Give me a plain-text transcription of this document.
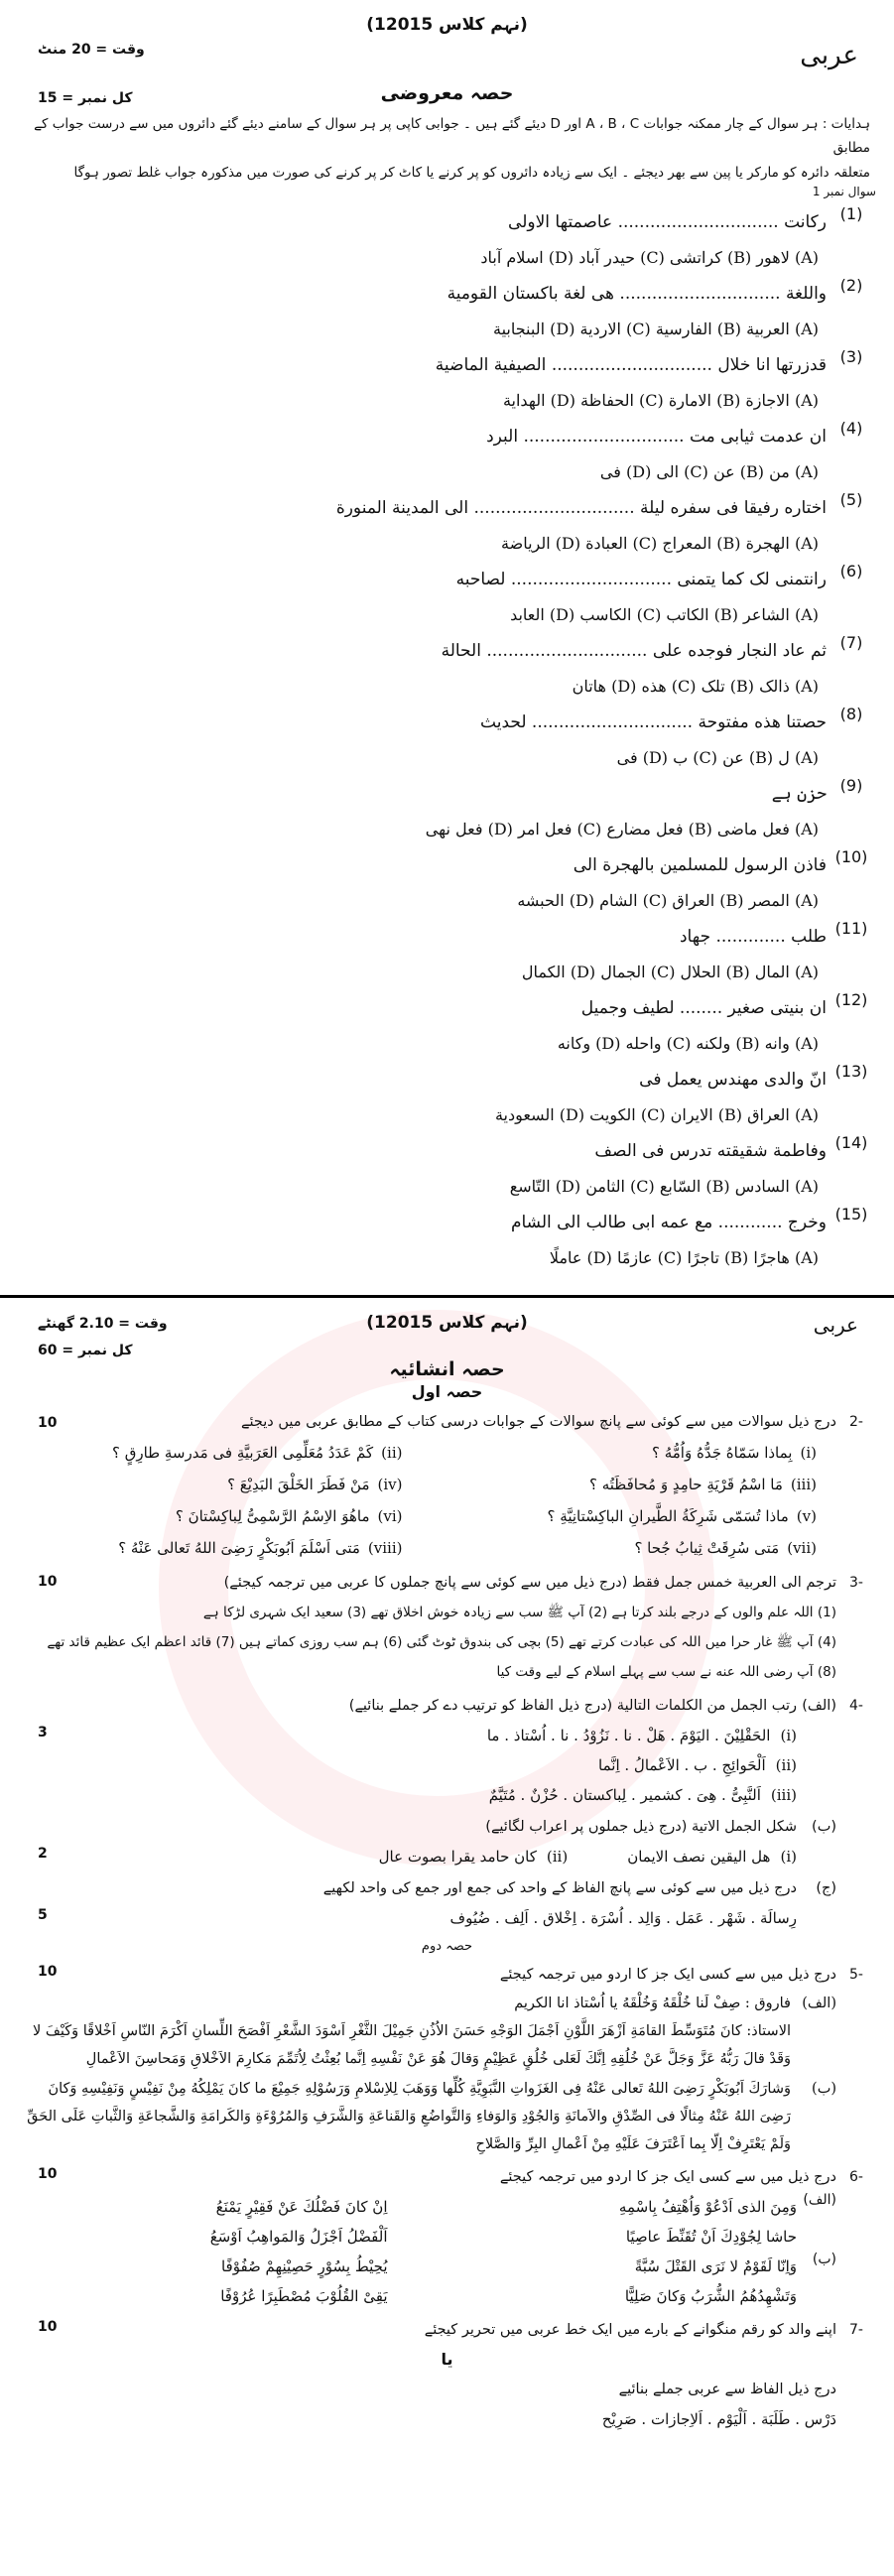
(نہم کلاس 12015)
عربی
وقت = 20 منٹ
حصہ معروضی
کل نمبر = 15
ہدایات : ہر سوال کے چار ممکنہ جوابات A ، B ، C اور D دیئے گئے ہیں ۔ جوابی کاپی پر ہر سوال کے سامنے دیئے گئے دائروں میں سے درست جواب کے مطابق
متعلقہ دائرہ کو مارکر یا پین سے بھر دیجئے ۔ ایک سے زیادہ دائروں کو پر کرنے یا کاٹ کر پر کرنے کی صورت میں مذکورہ جواب غلط تصور ہوگا
سوال نمبر 1
(1)
رکانت .............................. عاصمتها الاولى
(A) لاهور (B) کراتشی (C) حیدر آباد (D) اسلام آباد
(2)
واللغة .............................. هی لغة باکستان القومیة
(A) العربیة (B) الفارسیة (C) الاردیة (D) البنجابیة
(3)
قدزرتها انا خلال .............................. الصیفیة الماضیة
(A) الاجازة (B) الامارة (C) الحفاظة (D) الهدایة
(4)
ان عدمت ثیابی مت .............................. البرد
(A) من (B) عن (C) الی (D) فی
(5)
اختاره رفیقا فی سفره لیلة .............................. الی المدینة المنورة
(A) الهجرة (B) المعراج (C) العبادة (D) الریاضة
(6)
رانتمنی لک کما یتمنی .............................. لصاحبه
(A) الشاعر (B) الکاتب (C) الکاسب (D) العابد
(7)
ثم عاد النجار فوجده علی .............................. الحالة
(A) ذالک (B) تلک (C) هذه (D) هاتان
(8)
حصتنا هذه مفتوحة .............................. لحدیث
(A) ل (B) عن (C) ب (D) فی
(9)
حزن ہے
(A) فعل ماضی (B) فعل مضارع (C) فعل امر (D) فعل نهی
(10)
فاذن الرسول للمسلمین بالهجرة الی
(A) المصر (B) العراق (C) الشام (D) الحبشه
(11)
طلب ............. جهاد
(A) المال (B) الحلال (C) الجمال (D) الکمال
(12)
ان بنیتی صغیر ........ لطیف وجمیل
(A) وانه (B) ولکنه (C) واحله (D) وکانه
(13)
انّ والدی مهندس یعمل فی
(A) العراق (B) الایران (C) الکویت (D) السعودیة
(14)
وفاطمة شقیقته تدرس فی الصف
(A) السادس (B) السّابع (C) الثامن (D) التّاسع
(15)
وخرج ............ مع عمه ابی طالب الی الشام
(A) هاجرًا (B) تاجرًا (C) عازمًا (D) عاملًا
(نہم کلاس 12015)	عربی
وقت = 2.10 گھنٹے
کل نمبر = 60
حصہ انشائیہ
حصہ اول
10	-2
درج ذیل سوالات میں سے کوئی سے پانچ سوالات کے جوابات درسی کتاب کے مطابق عربی میں دیجئے
(i)بِماذا سَمّاهُ جَدُّهُ وَاُمُّهُ ؟
(ii)كَمْ عَدَدُ مُعَلِّمِی العَرَبیَّةِ فی مَدرسةِ طارِقٍ ؟
(iii)مَا اسْمُ قَرْیَةِ حامِدٍ وَ مُحافَظَتُه ؟
(iv)مَنْ فَطَرَ الخَلْقَ البَدِیْعَ ؟
(v)ماذا تُسَمّی شَرِكَةُ الطَّیرانِ الباكِسْتانِیَّةِ ؟
(vi)ماهُوَ الاِسْمُ الرَّسْمِیُّ لِباكِسْتانَ ؟
(vii)مَتی سُرِقَتْ ثِیابُ جُحا ؟
(viii)مَتی اَسْلَمَ اَبُوبَكْرٍ رَضِیَ اللهُ تَعالی عَنْهُ ؟
10	-3
ترجم الی العربیة خمس جمل فقط (درج ذیل میں سے کوئی سے پانچ جملوں کا عربی میں ترجمہ کیجئے)
(1) اللہ علم والوں کے درجے بلند کرتا ہے (2) آپ ﷺ سب سے زیادہ خوش اخلاق تھے (3) سعید ایک شہری لڑکا ہے
(4) آپ ﷺ غار حرا میں اللہ کی عبادت کرتے تھے (5) بچی کی بندوق ٹوٹ گئی (6) ہم سب روزی کماتے ہیں (7) قائد اعظم ایک عظیم قائد تھے
(8) آپ رضی اللہ عنه نے سب سے پہلے اسلام کے لیے وقت کیا
-4
(الف)
رتب الجمل من الكلمات التالیة (درج ذیل الفاظ کو ترتیب دے کر جملے بنائیے)
3	(i)الحَقْلِیْنَ . الیَوْمَ . هَلْ . نا . نَزُوْدُ . نا . اُسْتاذ . ما
(ii)اَلْحَوائِجِ . ب . الاَعْمالُ . اِنَّما
(iii)اَلنَّبِیُّ . هِیَ . کشمیر . لِباکستان . حُزْنٌ . مُتَیَّمٌ
(ب)
شکل الجمل الاتیة (درج ذیل جملوں پر اعراب لگائیے)
2	(i)هل الیقین نصف الایمان
(ii)کان حامد یقرا بصوت عال
(ج)
درج ذیل میں سے کوئی سے پانچ الفاظ کے واحد کی جمع اور جمع کی واحد لکھیے
5	رِسالَة . شَهْر . عَمَل . وَالِد . اُسْرَة . اِخْلاق . اَلِف . ضُیُوف
حصہ دوم
10	-5
درج ذیل میں سے کسی ایک جز کا اردو میں ترجمہ کیجئے
(الف)
فاروق : صِفْ لَنا خُلْقَهُ وَخُلْقَهُ یا اُسْتاذ انا الکریم
الاستاذ: كانَ مُتَوَسِّطَ القامَةِ اَزْهَرَ اللَّوْنِ اَجْمَلَ الوَجْهِ حَسَنَ الاُذُنِ جَمِیْلَ الثَّغْرِ اَسْوَدَ الشَّعْرِ اَفْصَحَ اللِّسانِ اَكْرَمَ النّاسِ اَخْلاقًا وَكَیْفَ لا وَقَدْ قالَ رَبُّهُ عَزَّ وَجَلَّ عَنْ خُلُقِهِ اِنَّكَ لَعَلی خُلُقٍ عَظِیْمٍ وَقالَ هُوَ عَنْ نَفْسِهِ اِنَّما بُعِثْتُ لِاُتَمِّمَ مَكارِمَ الاَخْلاقِ وَمَحاسِنَ الاَعْمالِ
(ب)
وَشارَكَ اَبُوبَكْرٍ رَضِیَ اللهُ تَعالی عَنْهُ فِی الغَزَواتِ النَّبَوِیَّةِ كُلِّها وَوَهَبَ لِلاِسْلامِ وَرَسُوْلِهِ جَمِیْعَ ما كانَ یَمْلِكُهُ مِنْ نَفِیْسٍ وَنَفِیْسِهِ وَكانَ رَضِیَ اللهُ عَنْهُ مِثالًا فی الصِّدْقِ والاَمانَةِ وَالجُوْدِ وَالوَفاءِ وَالتَّواضُعِ وَالقَناعَةِ وَالشَّرَفِ وَالمُرُوْءَةِ وَالكَرامَةِ وَالشَّجاعَةِ وَالثَّباتِ عَلَی الحَقِّ وَلَمْ یَعْتَرِفْ اِلّا بِما اَعْتَرَفَ عَلَیْهِ مِنْ اَعْمالِ البِرِّ وَالصَّلاحِ
10	-6
درج ذیل میں سے کسی ایک جز کا اردو میں ترجمہ کیجئے
(الف)
وَمِنَ الذی اَدْعُوْ وَاُهْتِفُ بِاسْمِهِ
اِنْ كانَ فَضْلُكَ عَنْ فَقِیْرٍ یَمْنَعُ
حاشا لِجُوْدِكَ اَنْ تُقَنِّطَ عاصِیًا
اَلْفَضْلُ اَجْزَلُ وَالمَواهِبُ اَوْسَعُ
(ب)
وَاِنّا لَقَوْمٌ لا نَرَی القَتْلَ سُبَّةً
یُحِیْطُ بِسُوْرٍ حَصِیْنِهِمْ صُفُوْفًا
وَتَشْهِدُهُمُ الشُّرَبُ وَكانَ صَلِیًّا
یَقِیْ القُلُوْبَ مُصْطَبِرًا عُرُوْفًا
10	-7
اپنے والد کو رقم منگوانے کے بارے میں ایک خط عربی میں تحریر کیجئے
یا
درج ذیل الفاظ سے عربی جملے بنائیے
دَرْس . طَلَبَة . اَلْیَوْم . اَلاِجازات . صَرِیْح
